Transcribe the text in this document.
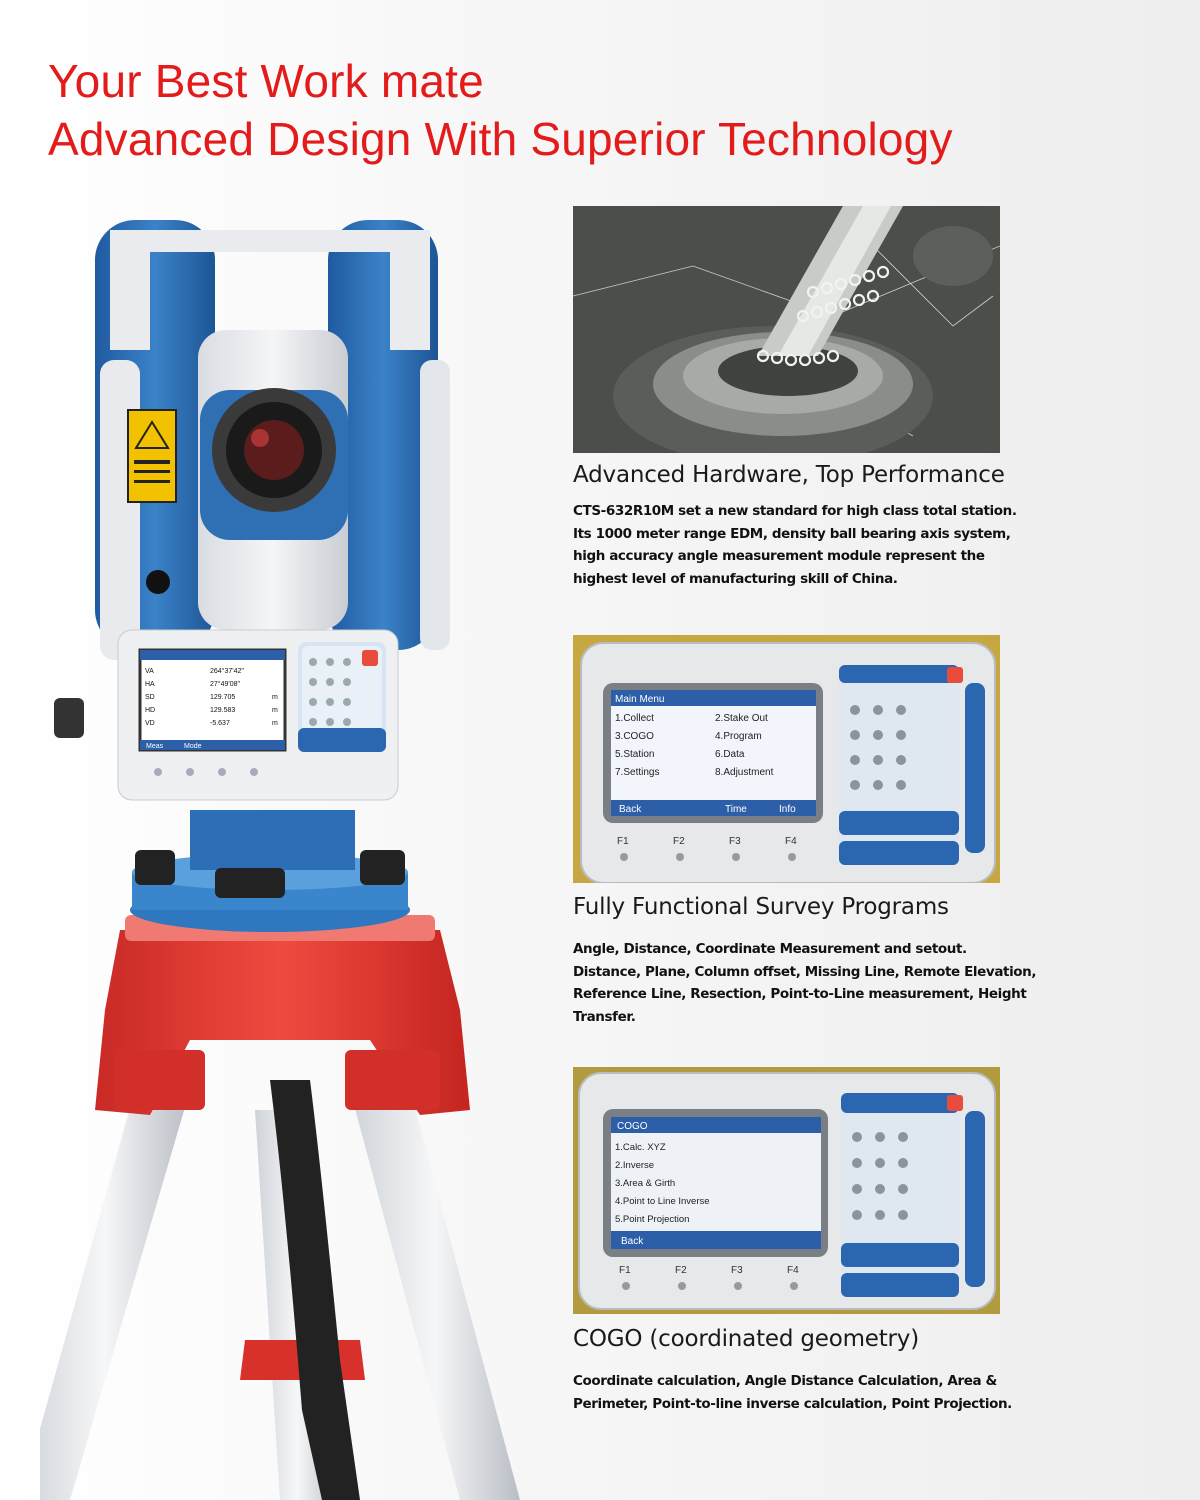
Your Best Work mate
Advanced Design With Superior Technology
VA	264°37'42"
HA	27°49'08"
SD	129.705	m
HD	129.583	m
VD	-5.637	m
Meas	Mode
Advanced Hardware, Top Performance
CTS-632R10M set a new standard for high class total station.
Its 1000 meter range EDM, density ball bearing axis system,
high accuracy angle measurement module represent the
highest level of manufacturing skill of China.
Main Menu
1.Collect	2.Stake Out
3.COGO	4.Program
5.Station	6.Data
7.Settings	8.Adjustment
Back	Time	Info
F1	F2	F3	F4
Fully Functional Survey Programs
Angle, Distance, Coordinate Measurement and setout.
Distance, Plane, Column offset, Missing Line, Remote Elevation,
Reference Line, Resection, Point-to-Line measurement, Height
Transfer.
COGO
1.Calc. XYZ
2.Inverse
3.Area & Girth
4.Point to Line Inverse
5.Point Projection
Back
F1	F2	F3	F4
COGO (coordinated geometry)
Coordinate calculation, Angle Distance Calculation, Area &
Perimeter, Point-to-line inverse calculation, Point Projection.
